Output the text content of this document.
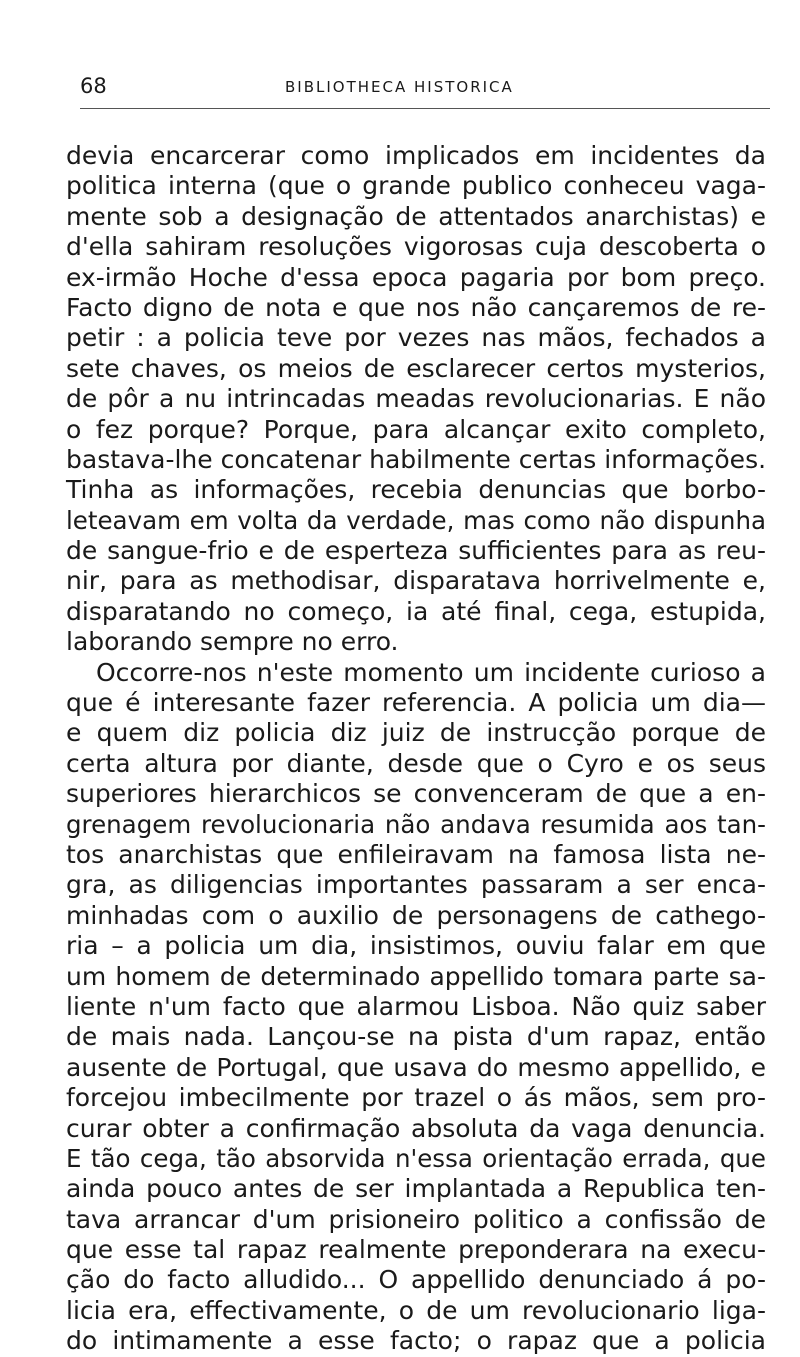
68	BIBLIOTHECA HISTORICA
devia encarcerar como implicados em incidentes da
politica interna (que o grande publico conheceu vaga-
mente sob a designação de attentados anarchistas) e
d'ella sahiram resoluções vigorosas cuja descoberta o
ex-irmão Hoche d'essa epoca pagaria por bom preço.
Facto digno de nota e que nos não cançaremos de re-
petir : a policia teve por vezes nas mãos, fechados a
sete chaves, os meios de esclarecer certos mysterios,
de pôr a nu intrincadas meadas revolucionarias. E não
o fez porque? Porque, para alcançar exito completo,
bastava-lhe concatenar habilmente certas informações.
Tinha as informações, recebia denuncias que borbo-
leteavam em volta da verdade, mas como não dispunha
de sangue-frio e de esperteza sufficientes para as reu-
nir, para as methodisar, disparatava horrivelmente e,
disparatando no começo, ia até final, cega, estupida,
laborando sempre no erro.
Occorre-nos n'este momento um incidente curioso a
que é interesante fazer referencia. A policia um dia—
e quem diz policia diz juiz de instrucção porque de
certa altura por diante, desde que o Cyro e os seus
superiores hierarchicos se convenceram de que a en-
grenagem revolucionaria não andava resumida aos tan-
tos anarchistas que enfileiravam na famosa lista ne-
gra, as diligencias importantes passaram a ser enca-
minhadas com o auxilio de personagens de cathego-
ria – a policia um dia, insistimos, ouviu falar em que
um homem de determinado appellido tomara parte sa-
liente n'um facto que alarmou Lisboa. Não quiz saber
de mais nada. Lançou-se na pista d'um rapaz, então
ausente de Portugal, que usava do mesmo appellido, e
forcejou imbecilmente por trazel o ás mãos, sem pro-
curar obter a confirmação absoluta da vaga denuncia.
E tão cega, tão absorvida n'essa orientação errada, que
ainda pouco antes de ser implantada a Republica ten-
tava arrancar d'um prisioneiro politico a confissão de
que esse tal rapaz realmente preponderara na execu-
ção do facto alludido... O appellido denunciado á po-
licia era, effectivamente, o de um revolucionario liga-
do intimamente a esse facto; o rapaz que a policia
